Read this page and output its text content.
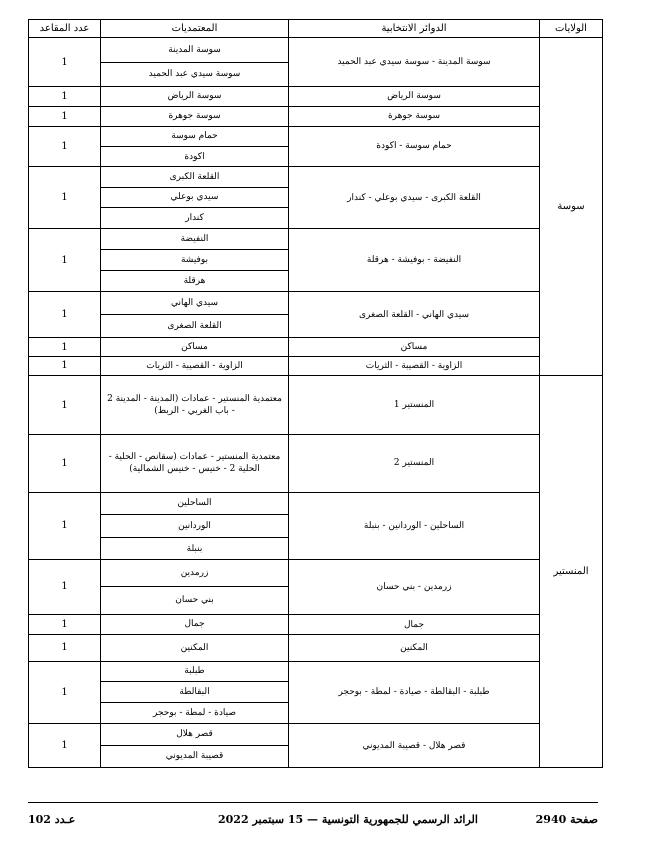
الولايات	الدوائر الانتخابية	المعتمديات	عدد المقاعد
سوسة	سوسة المدينة - سوسة سيدي عبد الحميد	سوسة المدينة
سوسة سيدي عبد الحميد	1
	سوسة الرياض	سوسة الرياض	1
	سوسة جوهرة	سوسة جوهرة	1
	حمام سوسة - اكودة	حمام سوسة
اكودة	1
	القلعة الكبرى - سيدي بوعلي - كندار	القلعة الكبرى
سيدي بوعلي
كندار	1
	النفيضة - بوفيشة - هرقلة	النفيضة
بوفيشة
هرقلة	1
	سيدي الهاني - القلعة الصغرى	سيدي الهاني
القلعة الصغرى	1
	مساكن	مساكن	1
	الزاوية - القصيبة - الثريات	الزاوية - القصيبة - الثريات	1
المنستير	المنستير 1	معتمدية المنستير - عمادات (المدينة - المدينة 2 - باب الغربي - الربط)	1
	المنستير 2	معتمدية المنستير - عمادات (سقانص - الحلية - الحلية 2 - خنيس - خنيس الشمالية)	1
	الساحلين - الوردانين - بنبلة	الساحلين
الوردانين
بنبلة	1
	زرمدين - بني حسان	زرمدين
بني حسان	1
	جمال	جمال	1
	المكنين	المكنين	1
	طبلبة - البقالطة - صيادة - لمطة - بوحجر	طبلبة
البقالطة
صيادة - لمطة - بوحجر	1
	قصر هلال - قصيبة المديوني	قصر هلال
قصيبة المديوني	1
صفحة 2940
الرائد الرسمي للجمهورية التونسية — 15 سبتمبر 2022
عـدد 102
